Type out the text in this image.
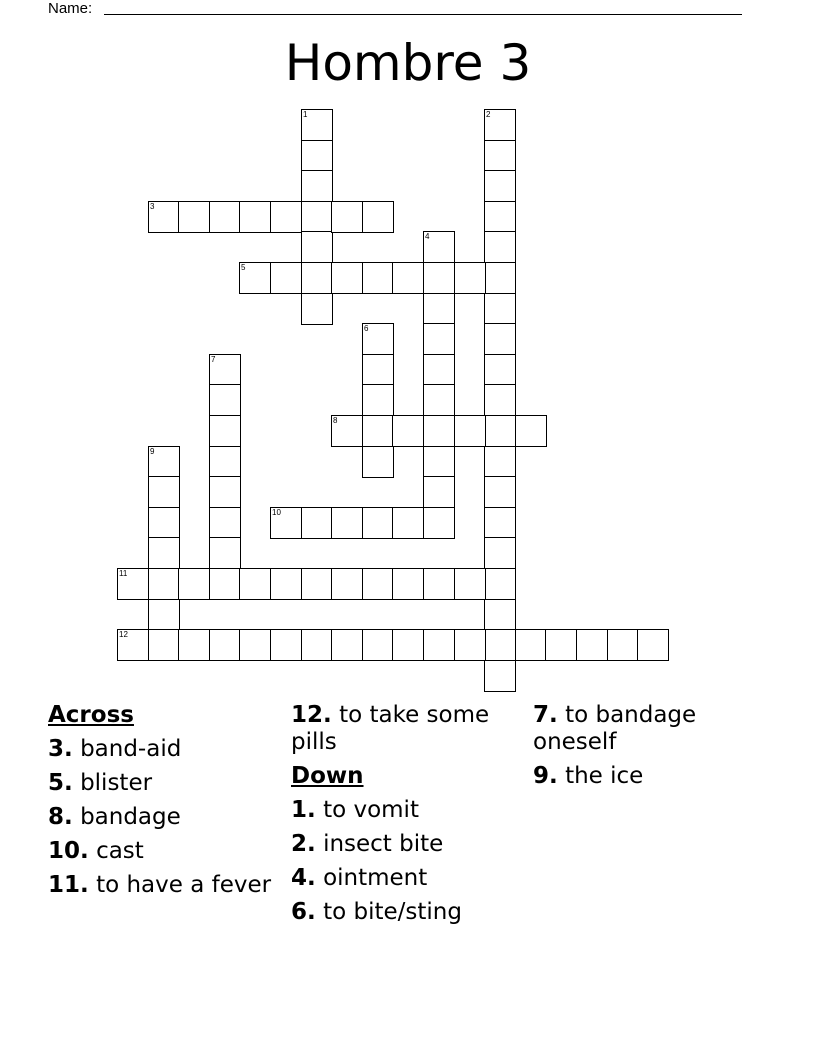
Name:
Hombre 3
1	2
3
4
5
6
7
8
9
10
11
12
Across
3. band-aid
5. blister
8. bandage
10. cast
11. to have a fever
12. to take some pills
Down
1. to vomit
2. insect bite
4. ointment
6. to bite/sting
7. to bandage oneself
9. the ice
